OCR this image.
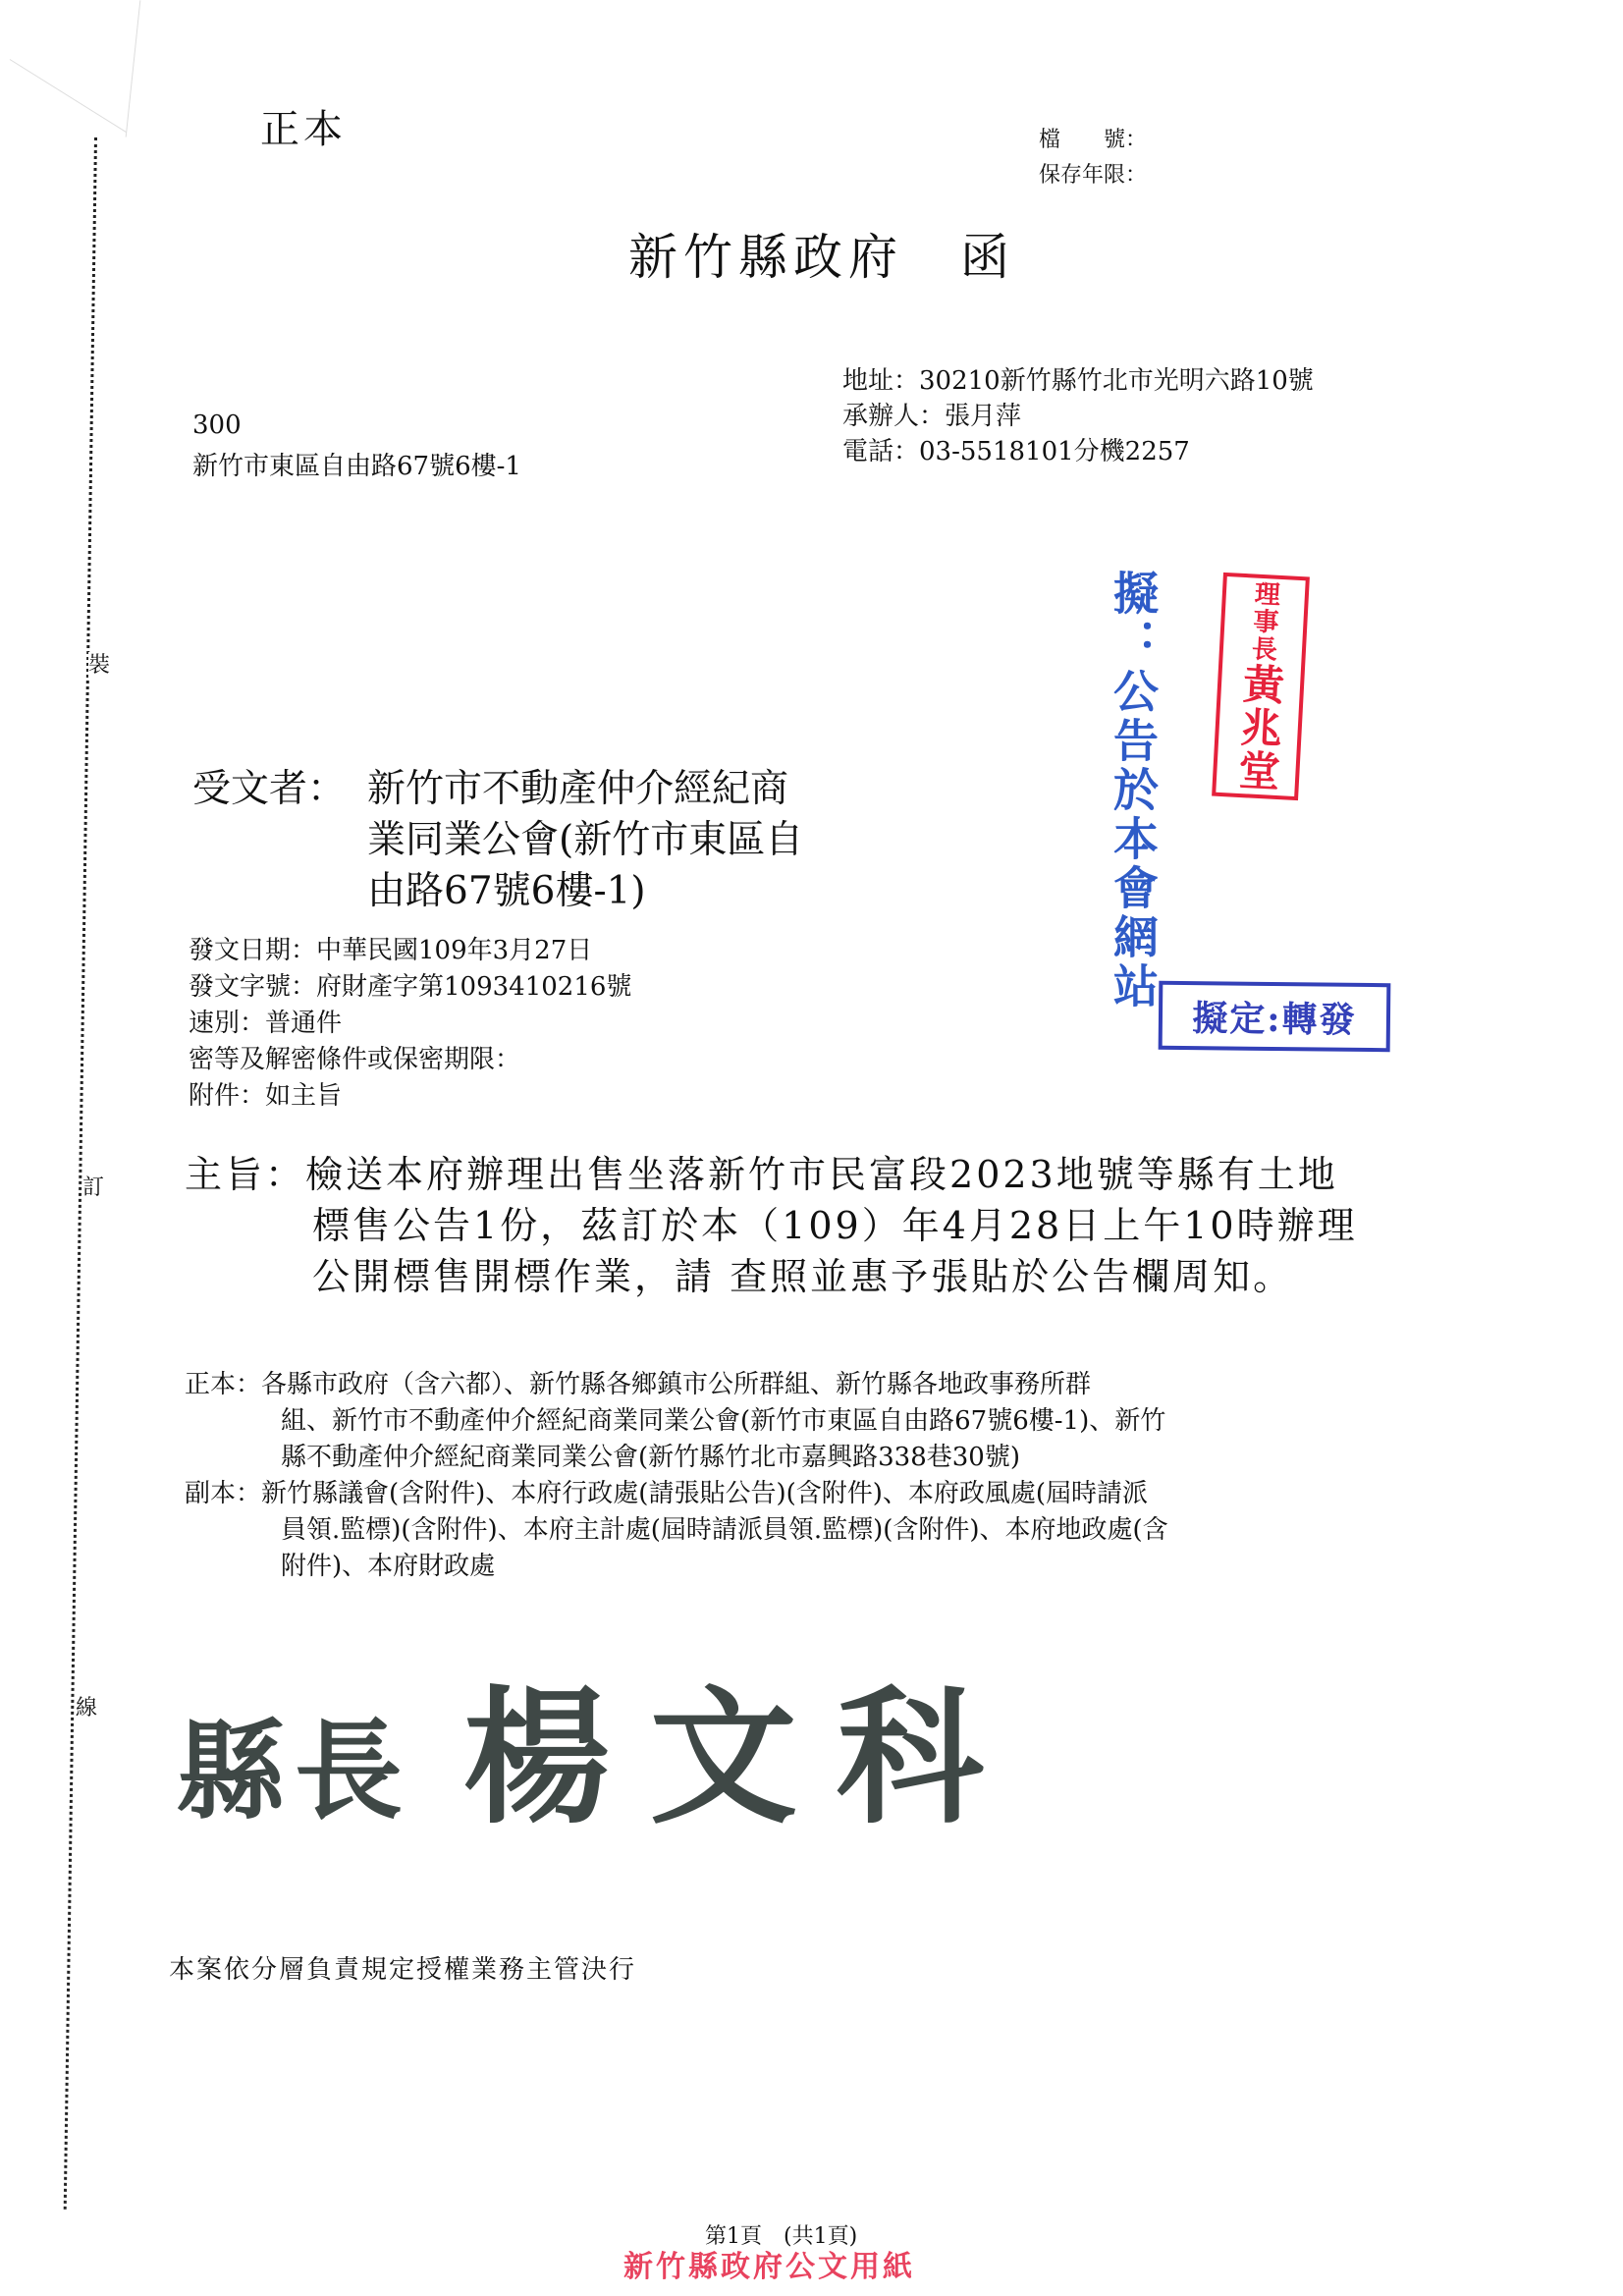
裝
訂
線
正本	檔　　號：
保存年限：
新竹縣政府 函
地址：30210新竹縣竹北市光明六路10號
承辦人：張月萍
電話：03-5518101分機2257
300
新竹市東區自由路67號6樓-1
擬：公告於本會網站	理事長
黃兆堂
擬定:轉發
受文者： 新竹市不動產仲介經紀商
業同業公會(新竹市東區自
由路67號6樓-1)
發文日期：中華民國109年3月27日
發文字號：府財產字第1093410216號
速別：普通件
密等及解密條件或保密期限：
附件：如主旨
主旨：檢送本府辦理出售坐落新竹市民富段2023地號等縣有土地
標售公告1份，茲訂於本（109）年4月28日上午10時辦理
公開標售開標作業，請 查照並惠予張貼於公告欄周知。
正本：各縣市政府（含六都）、新竹縣各鄉鎮市公所群組、新竹縣各地政事務所群
組、新竹市不動產仲介經紀商業同業公會(新竹市東區自由路67號6樓-1)、新竹
縣不動產仲介經紀商業同業公會(新竹縣竹北市嘉興路338巷30號)
副本：新竹縣議會(含附件)、本府行政處(請張貼公告)(含附件)、本府政風處(屆時請派
員領.監標)(含附件)、本府主計處(屆時請派員領.監標)(含附件)、本府地政處(含
附件)、本府財政處
縣長 楊文科
本案依分層負責規定授權業務主管決行
第1頁　(共1頁)
新竹縣政府公文用紙
